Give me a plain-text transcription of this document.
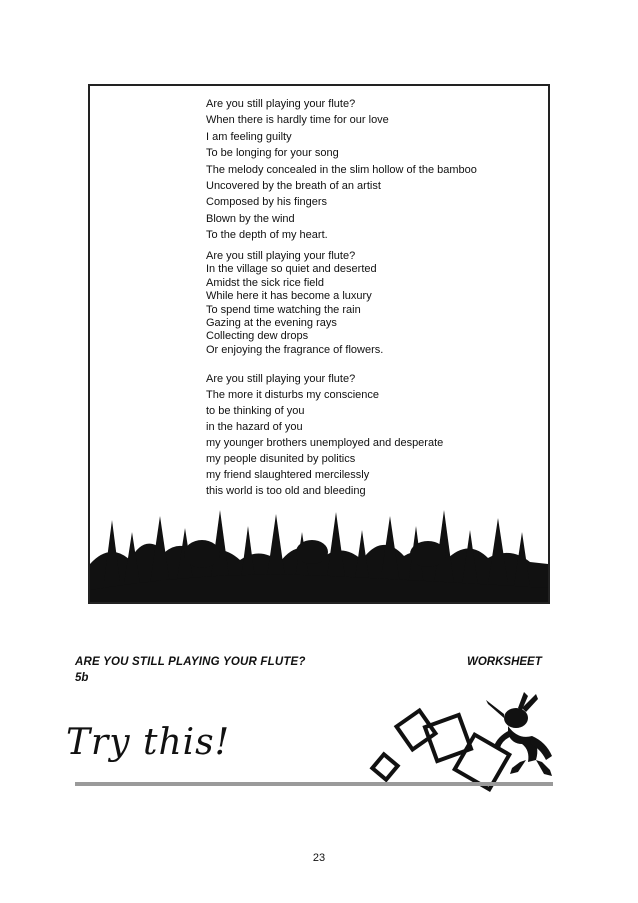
Are you still playing your flute?
When there is hardly time for our love
I am feeling guilty
To be longing for your song
The melody concealed in the slim hollow of the bamboo
Uncovered by the breath of an artist
Composed by his fingers
Blown by the wind
To the depth of my heart.
Are you still playing your flute?
In the village so quiet and deserted
Amidst the sick rice field
While here it has become a luxury
To spend time watching the rain
Gazing at the evening rays
Collecting dew drops
Or enjoying the fragrance of flowers.
Are you still playing your flute?
The more it disturbs my conscience
to be thinking of you
in the hazard of you
my younger brothers unemployed and desperate
my people disunited by politics
my friend slaughtered mercilessly
this world is too old and bleeding
ARE YOU STILL PLAYING YOUR FLUTE?	WORKSHEET
5b
Try this!
23
